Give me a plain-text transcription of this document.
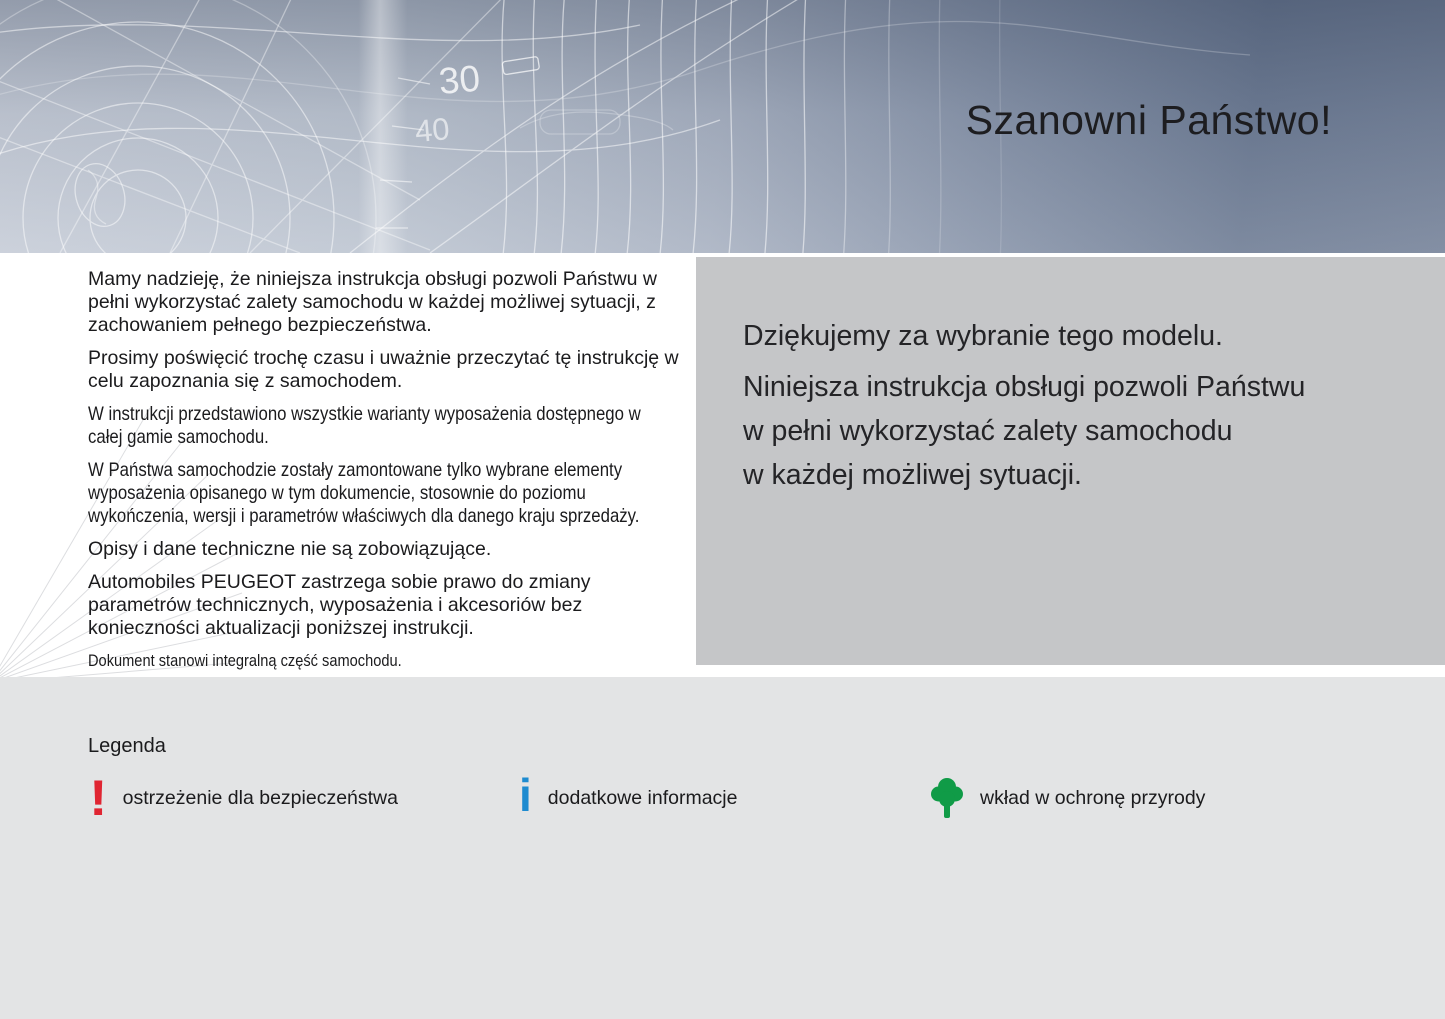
30
40	Szanowni Państwo!

Mamy nadzieję, że niniejsza instrukcja obsługi pozwoli Państwu w pełni wykorzystać zalety samochodu w każdej możliwej sytuacji, z zachowaniem pełnego bezpieczeństwa.

Prosimy poświęcić trochę czasu i uważnie przeczytać tę instrukcję w celu zapoznania się z samochodem.

W instrukcji przedstawiono wszystkie warianty wyposażenia dostępnego w całej gamie samochodu.

W Państwa samochodzie zostały zamontowane tylko wybrane elementy wyposażenia opisanego w tym dokumencie, stosownie do poziomu wykończenia, wersji i parametrów właściwych dla danego kraju sprzedaży.

Opisy i dane techniczne nie są zobowiązujące.

Automobiles PEUGEOT zastrzega sobie prawo do zmiany parametrów technicznych, wyposażenia i akcesoriów bez konieczności aktualizacji poniższej instrukcji.

Dokument stanowi integralną część samochodu.

Dziękujemy za wybranie tego modelu.

Niniejsza instrukcja obsługi pozwoli Państwu

w pełni wykorzystać zalety samochodu

w każdej możliwej sytuacji.

Legenda
! ostrzeżenie dla bezpieczeństwa	i dodatkowe informacje	wkład w ochronę przyrody
